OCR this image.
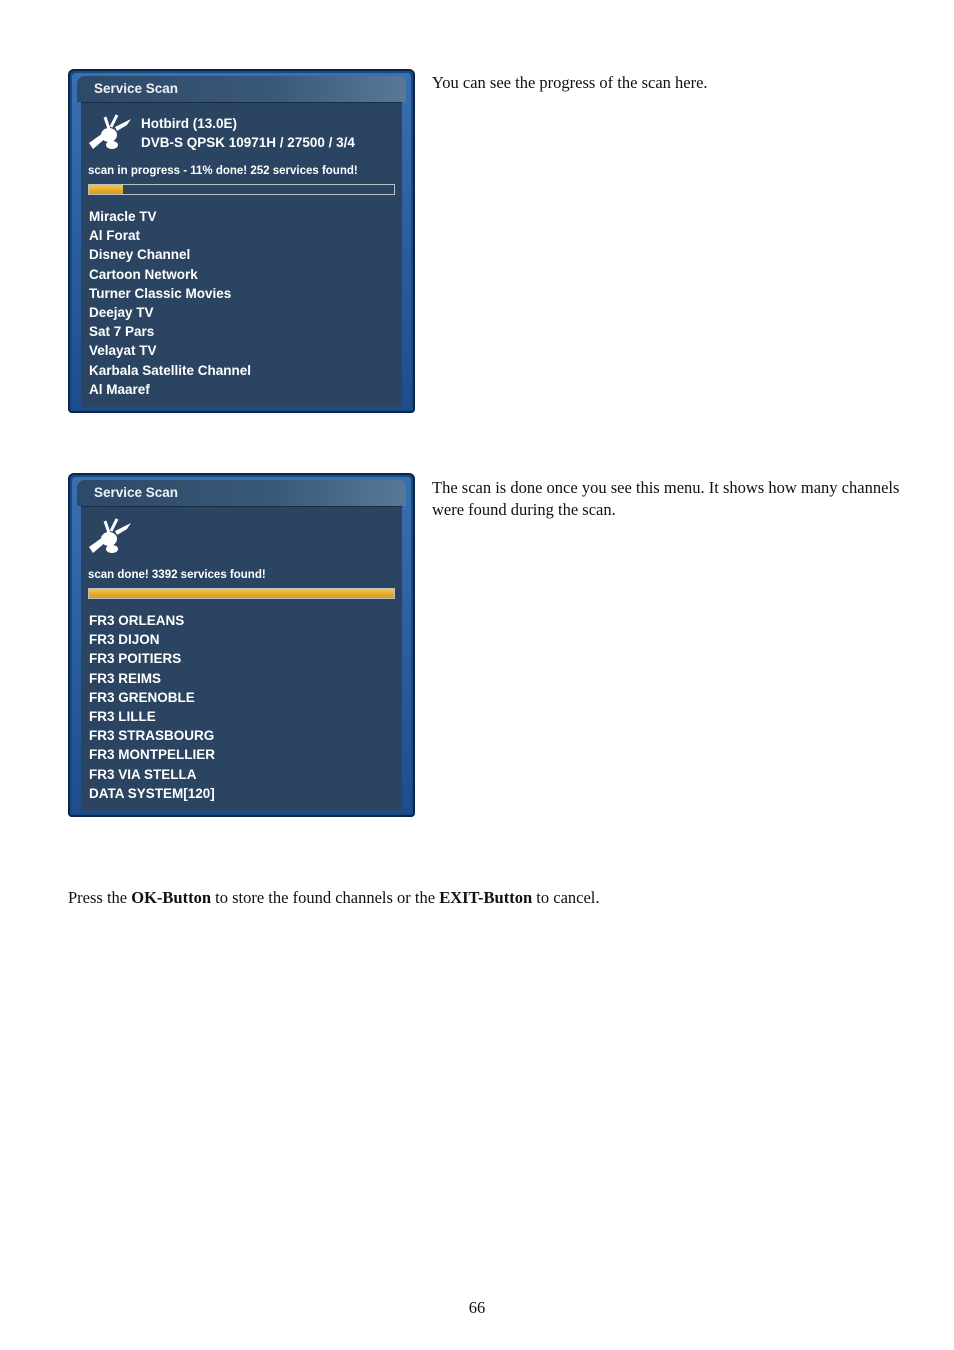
Service Scan
Hotbird (13.0E)
DVB-S QPSK 10971H / 27500 / 3/4
scan in progress - 11% done! 252 services found!
Miracle TV
Al Forat
Disney Channel
Cartoon Network
Turner Classic Movies
Deejay TV
Sat 7 Pars
Velayat TV
Karbala Satellite Channel
Al Maaref
You can see the progress of the scan here.
Service Scan
scan done! 3392 services found!
FR3 ORLEANS
FR3 DIJON
FR3 POITIERS
FR3 REIMS
FR3 GRENOBLE
FR3 LILLE
FR3 STRASBOURG
FR3 MONTPELLIER
FR3 VIA STELLA
DATA SYSTEM[120]
The scan is done once you see this menu. It shows how many channels were found during the scan.
Press the OK-Button to store the found channels or the EXIT-Button to cancel.
66
